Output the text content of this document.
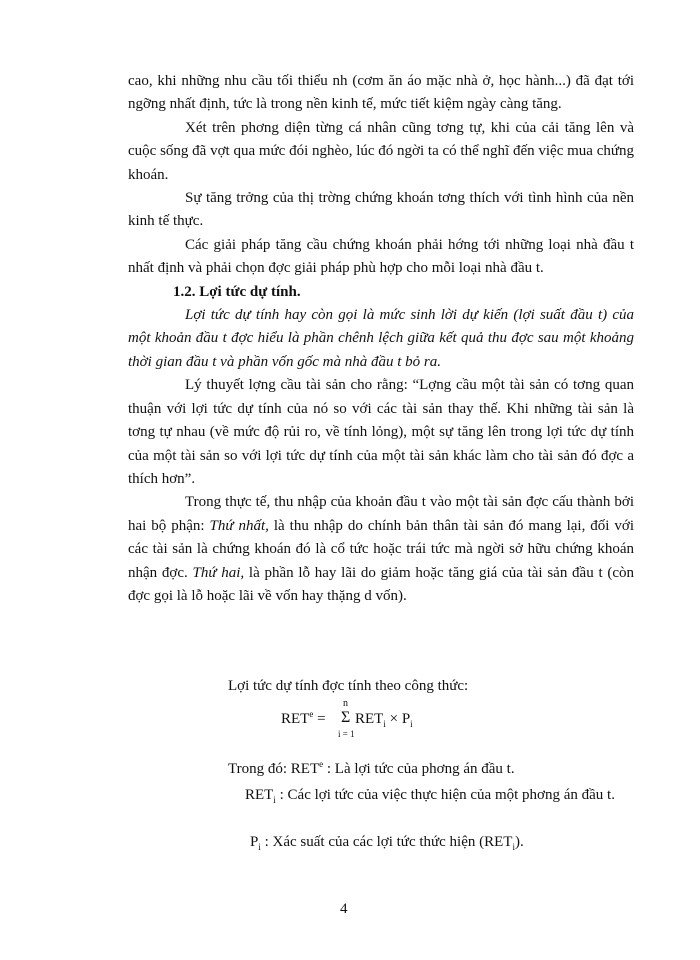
cao, khi những nhu cầu tối thiểu nh (cơm ăn áo mặc nhà ở, học hành...) đã đạt tới ngỡng nhất định, tức là trong nền kinh tế, mức tiết kiệm ngày càng tăng.

Xét trên phơng diện từng cá nhân cũng tơng tự, khi của cải tăng lên và cuộc sống đã vợt qua mức đói nghèo, lúc đó ngời ta có thể nghĩ đến việc mua chứng khoán.

Sự tăng trởng của thị trờng chứng khoán tơng thích với tình hình của nền kinh tế thực.

Các giải pháp tăng cầu chứng khoán phải hớng tới những loại nhà đầu t nhất định và phải chọn đợc giải pháp phù hợp cho mỗi loại nhà đầu t.

1.2. Lợi tức dự tính.

Lợi tức dự tính hay còn gọi là mức sinh lời dự kiến (lợi suất đầu t) của một khoản đầu t đợc hiểu là phần chênh lệch giữa kết quả thu đợc sau một khoảng thời gian đầu t và phần vốn gốc mà nhà đầu t bỏ ra.

Lý thuyết lợng cầu tài sản cho rằng: “Lợng cầu một tài sản có tơng quan thuận với lợi tức dự tính của nó so với các tài sản thay thế. Khi những tài sản là tơng tự nhau (về mức độ rủi ro, về tính lỏng), một sự tăng lên trong lợi tức dự tính của một tài sản so với lợi tức dự tính của một tài sản khác làm cho tài sản đó đợc a thích hơn”.

Trong thực tế, thu nhập của khoản đầu t vào một tài sản đợc cấu thành bởi hai bộ phận: Thứ nhất, là thu nhập do chính bản thân tài sản đó mang lại, đối với các tài sản là chứng khoán đó là cổ tức hoặc trái tức mà ngời sở hữu chứng khoán nhận đợc. Thứ hai, là phần lỗ hay lãi do giảm hoặc tăng giá của tài sản đầu t (còn đợc gọi là lỗ hoặc lãi về vốn hay thặng d vốn).

Lợi tức dự tính đợc tính theo công thức:
$RET^e$ =
n
Σ
i = 1
$RET_i \times P_i$
Trong đó: RET$^e$ : Là lợi tức của phơng án đầu t.
$RET_i$ : Các lợi tức của việc thực hiện của một phơng án đầu t.
$P_i$ : Xác suất của các lợi tức thức hiện $(RET_i)$.
4
